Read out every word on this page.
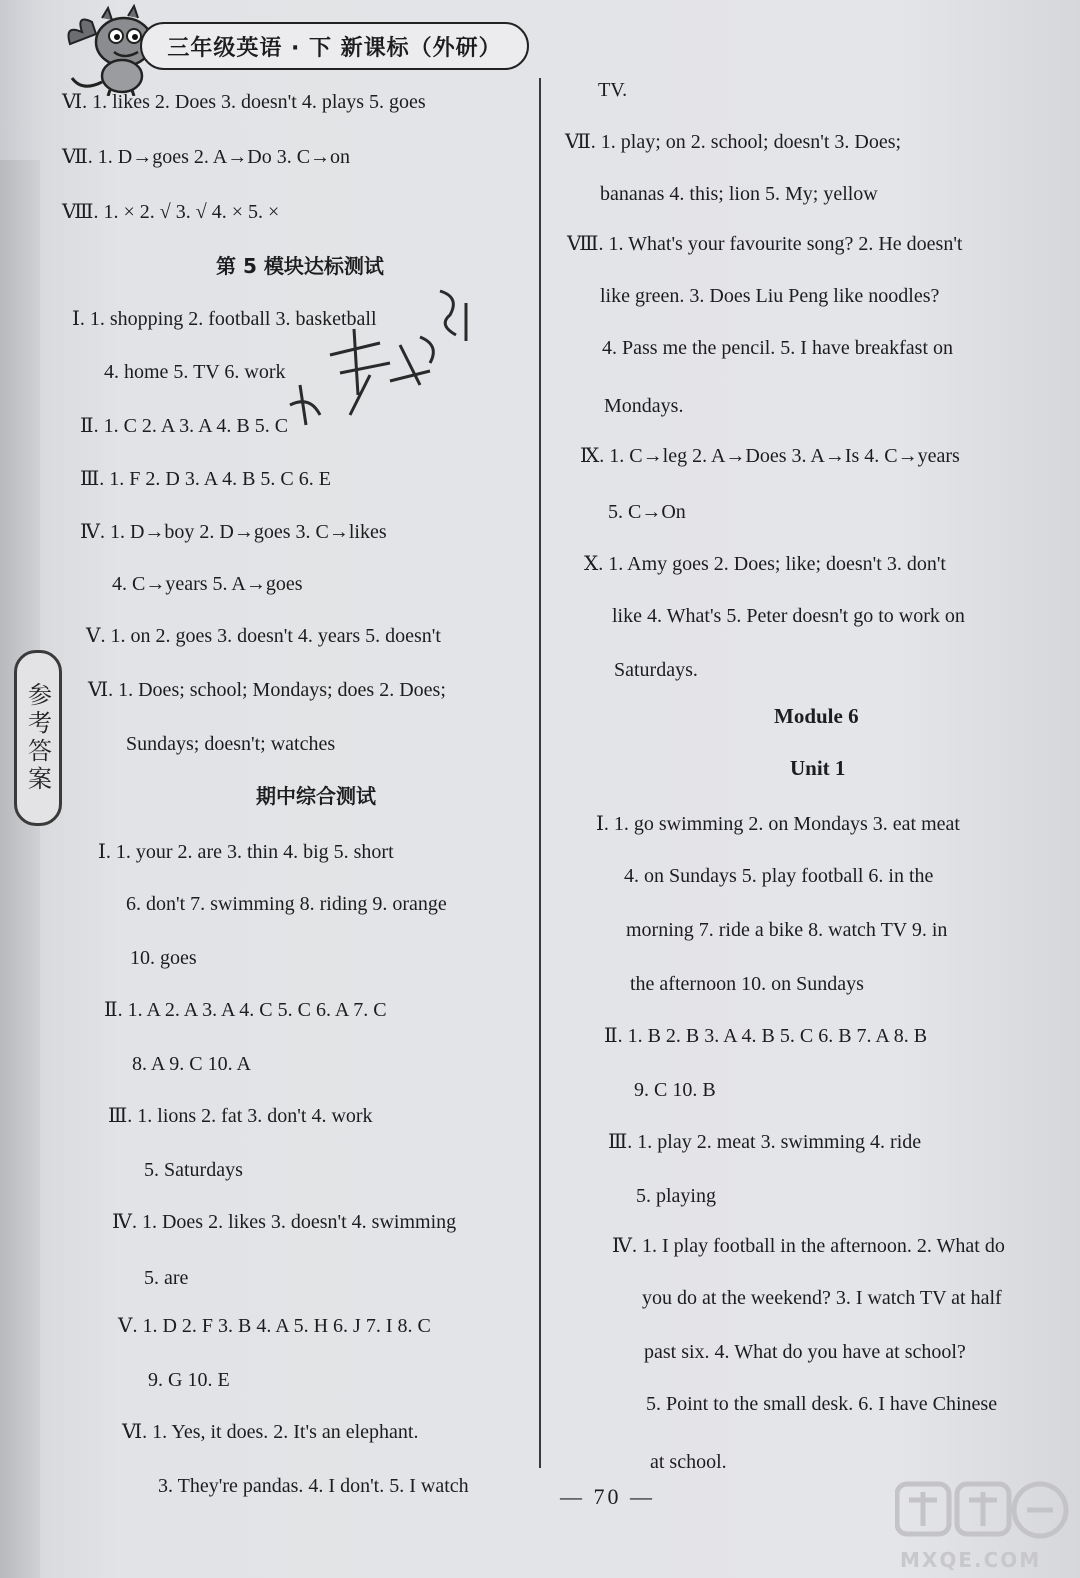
三年级英语 · 下 新课标（外研）
参考答案
Ⅵ. 1. likes 2. Does 3. doesn't 4. plays 5. goes
Ⅶ. 1. D→goes 2. A→Do 3. C→on
Ⅷ. 1. × 2. √ 3. √ 4. × 5. ×
第 5 模块达标测试
Ⅰ. 1. shopping 2. football 3. basketball
4. home 5. TV 6. work
Ⅱ. 1. C 2. A 3. A 4. B 5. C
Ⅲ. 1. F 2. D 3. A 4. B 5. C 6. E
Ⅳ. 1. D→boy 2. D→goes 3. C→likes
4. C→years 5. A→goes
Ⅴ. 1. on 2. goes 3. doesn't 4. years 5. doesn't
Ⅵ. 1. Does; school; Mondays; does 2. Does;
Sundays; doesn't; watches
期中综合测试
Ⅰ. 1. your 2. are 3. thin 4. big 5. short
6. don't 7. swimming 8. riding 9. orange
10. goes
Ⅱ. 1. A 2. A 3. A 4. C 5. C 6. A 7. C
8. A 9. C 10. A
Ⅲ. 1. lions 2. fat 3. don't 4. work
5. Saturdays
Ⅳ. 1. Does 2. likes 3. doesn't 4. swimming
5. are
Ⅴ. 1. D 2. F 3. B 4. A 5. H 6. J 7. I 8. C
9. G 10. E
Ⅵ. 1. Yes, it does. 2. It's an elephant.
3. They're pandas. 4. I don't. 5. I watch
TV.
Ⅶ. 1. play; on 2. school; doesn't 3. Does;
bananas 4. this; lion 5. My; yellow
Ⅷ. 1. What's your favourite song? 2. He doesn't
like green. 3. Does Liu Peng like noodles?
4. Pass me the pencil. 5. I have breakfast on
Mondays.
Ⅸ. 1. C→leg 2. A→Does 3. A→Is 4. C→years
5. C→On
Ⅹ. 1. Amy goes 2. Does; like; doesn't 3. don't
like 4. What's 5. Peter doesn't go to work on
Saturdays.
Module 6
Unit 1
Ⅰ. 1. go swimming 2. on Mondays 3. eat meat
4. on Sundays 5. play football 6. in the
morning 7. ride a bike 8. watch TV 9. in
the afternoon 10. on Sundays
Ⅱ. 1. B 2. B 3. A 4. B 5. C 6. B 7. A 8. B
9. C 10. B
Ⅲ. 1. play 2. meat 3. swimming 4. ride
5. playing
Ⅳ. 1. I play football in the afternoon. 2. What do
you do at the weekend? 3. I watch TV at half
past six. 4. What do you have at school?
5. Point to the small desk. 6. I have Chinese
at school.
— 70 —
MXQE.COM
